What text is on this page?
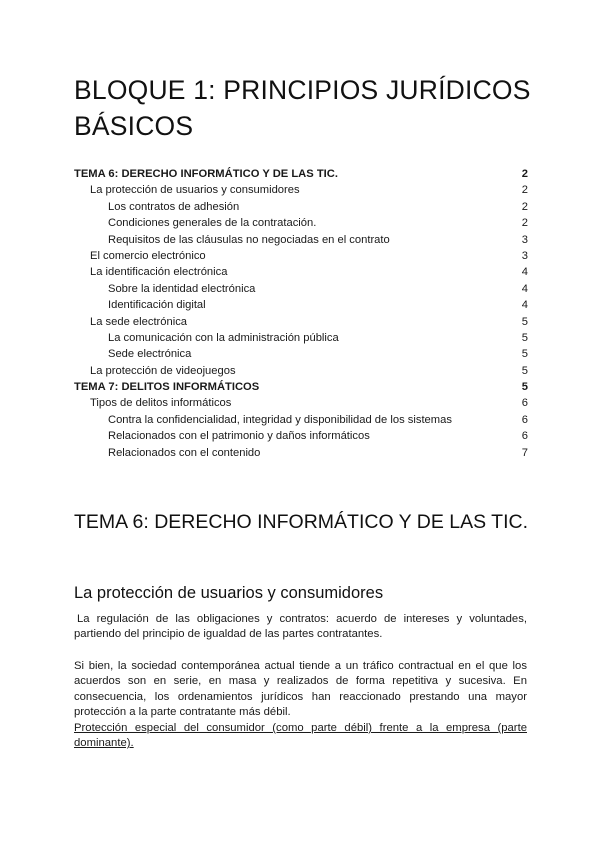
BLOQUE 1: PRINCIPIOS JURÍDICOS BÁSICOS
TEMA 6: DERECHO INFORMÁTICO Y DE LAS TIC.	2
La protección de usuarios y consumidores	2
Los contratos de adhesión	2
Condiciones generales de la contratación.	2
Requisitos de las cláusulas no negociadas en el contrato	3
El comercio electrónico	3
La identificación electrónica	4
Sobre la identidad electrónica	4
Identificación digital	4
La sede electrónica	5
La comunicación con la administración pública	5
Sede electrónica	5
La protección de videojuegos	5
TEMA 7: DELITOS INFORMÁTICOS	5
Tipos de delitos informáticos	6
Contra la confidencialidad, integridad y disponibilidad de los sistemas	6
Relacionados con el patrimonio y daños informáticos	6
Relacionados con el contenido	7
TEMA 6: DERECHO INFORMÁTICO Y DE LAS TIC.
La protección de usuarios y consumidores

La regulación de las obligaciones y contratos: acuerdo de intereses y voluntades, partiendo del principio de igualdad de las partes contratantes.

Si bien, la sociedad contemporánea actual tiende a un tráfico contractual en el que los acuerdos son en serie, en masa y realizados de forma repetitiva y sucesiva. En consecuencia, los ordenamientos jurídicos han reaccionado prestando una mayor protección a la parte contratante más débil.

Protección especial del consumidor (como parte débil) frente a la empresa (parte dominante).
